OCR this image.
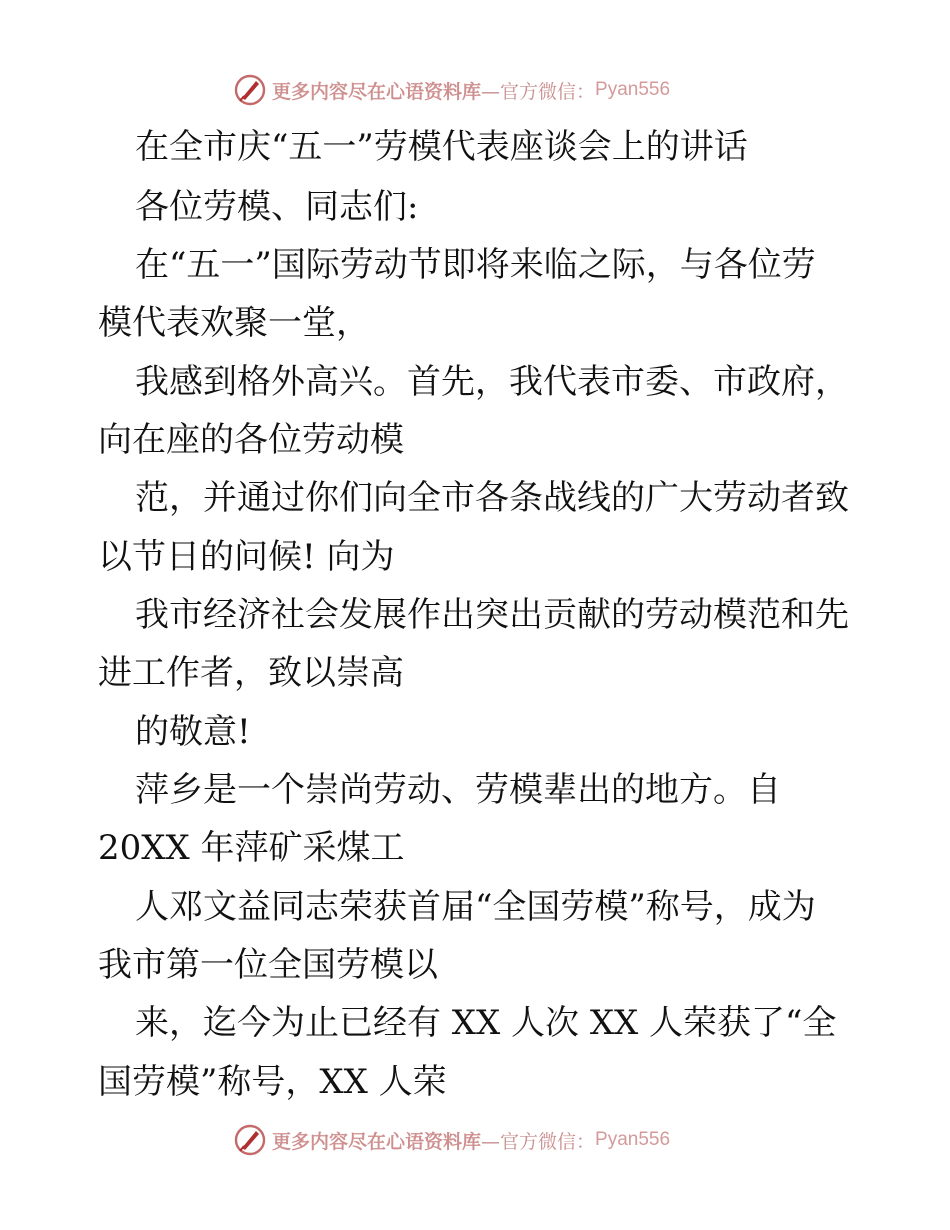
更多内容尽在心语资料库 —官方微信： Pyan556
在全市庆“五一”劳模代表座谈会上的讲话
各位劳模、同志们:
在“五一”国际劳动节即将来临之际，与各位劳
模代表欢聚一堂，
我感到格外高兴。首先，我代表市委、市政府，
向在座的各位劳动模
范，并通过你们向全市各条战线的广大劳动者致
以节日的问候! 向为
我市经济社会发展作出突出贡献的劳动模范和先
进工作者，致以崇高
的敬意!
萍乡是一个崇尚劳动、劳模辈出的地方。自
20XX 年萍矿采煤工
人邓文益同志荣获首届“全国劳模”称号，成为
我市第一位全国劳模以
来，迄今为止已经有 XX 人次 XX 人荣获了“全
国劳模”称号，XX 人荣
更多内容尽在心语资料库 —官方微信： Pyan556
